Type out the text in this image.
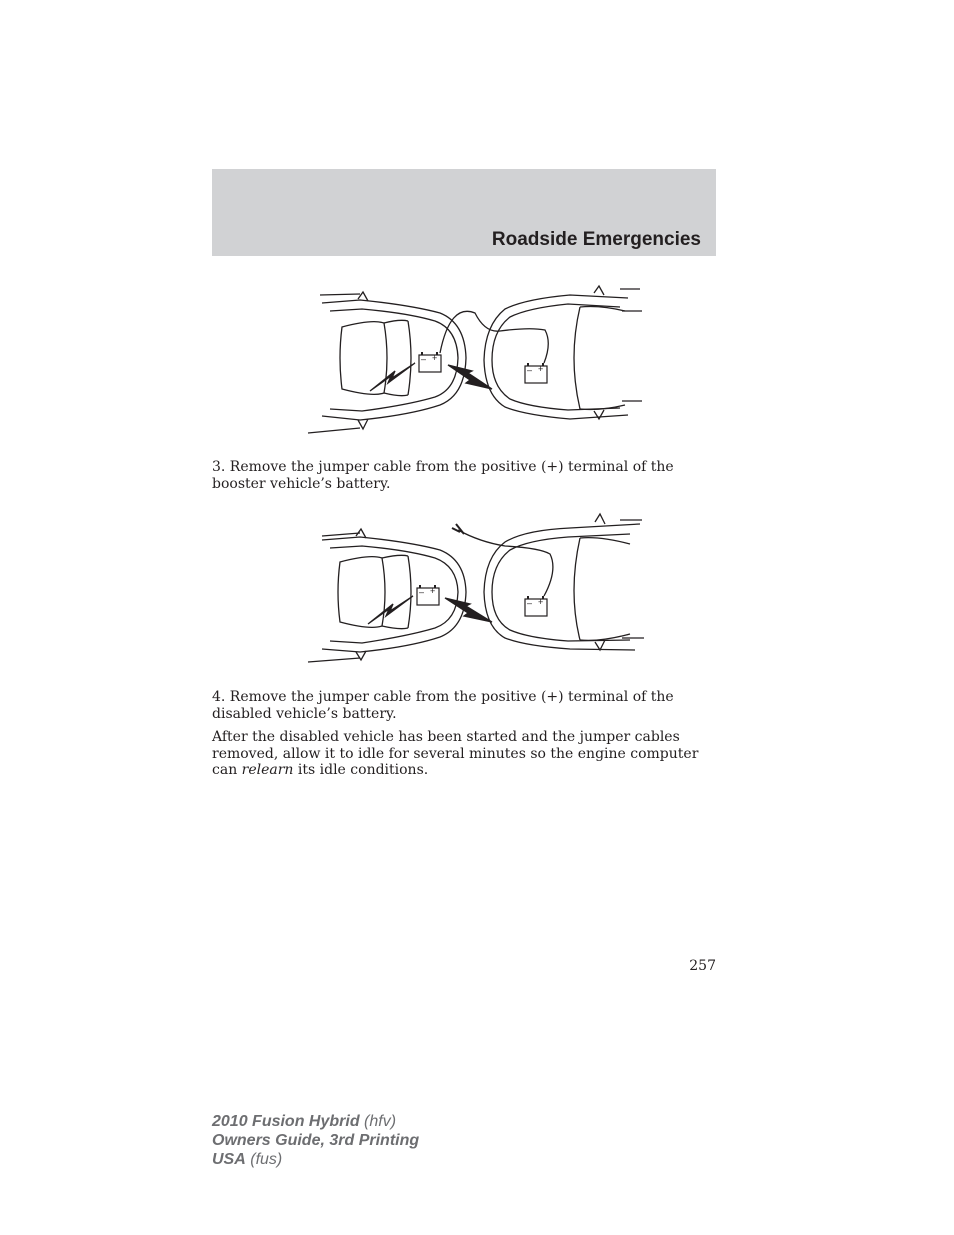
Roadside Emergencies
– +
– +

3. Remove the jumper cable from the positive (+) terminal of the booster vehicle’s battery.

– +
– +

4. Remove the jumper cable from the positive (+) terminal of the disabled vehicle’s battery.

After the disabled vehicle has been started and the jumper cables removed, allow it to idle for several minutes so the engine computer can relearn its idle conditions.

257
2010 Fusion Hybrid (hfv)
Owners Guide, 3rd Printing
USA (fus)
